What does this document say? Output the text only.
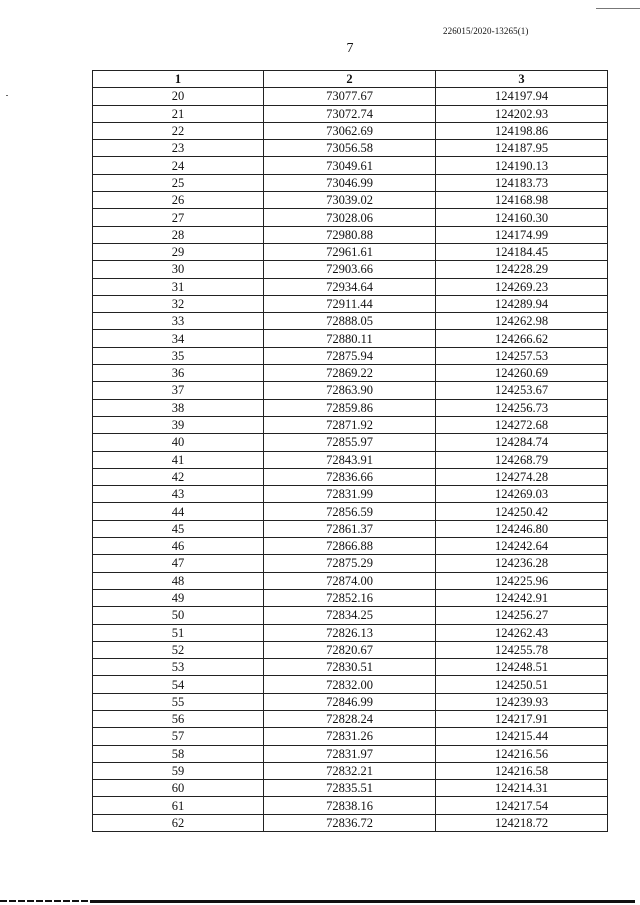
226015/2020-13265(1)
7
1	2	3
20	73077.67	124197.94
21	73072.74	124202.93
22	73062.69	124198.86
23	73056.58	124187.95
24	73049.61	124190.13
25	73046.99	124183.73
26	73039.02	124168.98
27	73028.06	124160.30
28	72980.88	124174.99
29	72961.61	124184.45
30	72903.66	124228.29
31	72934.64	124269.23
32	72911.44	124289.94
33	72888.05	124262.98
34	72880.11	124266.62
35	72875.94	124257.53
36	72869.22	124260.69
37	72863.90	124253.67
38	72859.86	124256.73
39	72871.92	124272.68
40	72855.97	124284.74
41	72843.91	124268.79
42	72836.66	124274.28
43	72831.99	124269.03
44	72856.59	124250.42
45	72861.37	124246.80
46	72866.88	124242.64
47	72875.29	124236.28
48	72874.00	124225.96
49	72852.16	124242.91
50	72834.25	124256.27
51	72826.13	124262.43
52	72820.67	124255.78
53	72830.51	124248.51
54	72832.00	124250.51
55	72846.99	124239.93
56	72828.24	124217.91
57	72831.26	124215.44
58	72831.97	124216.56
59	72832.21	124216.58
60	72835.51	124214.31
61	72838.16	124217.54
62	72836.72	124218.72
